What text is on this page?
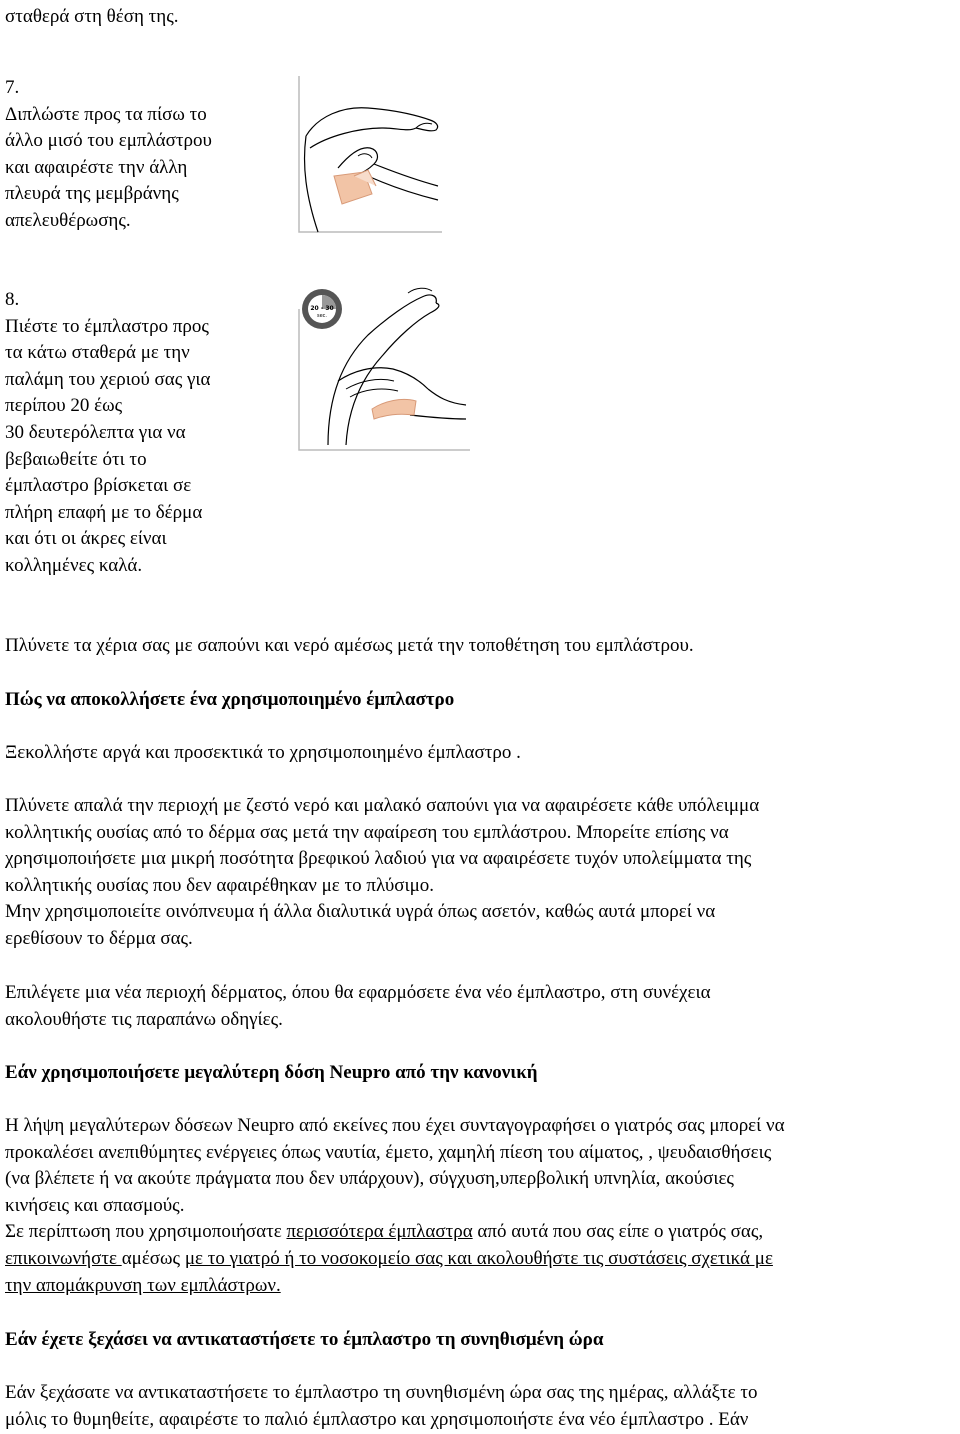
σταθερά στη θέση της.

7.

Διπλώστε προς τα πίσω το

άλλο μισό του εμπλάστρου

και αφαιρέστε την άλλη

πλευρά της μεμβράνης

απελευθέρωσης.

8.

Πιέστε το έμπλαστρο προς

τα κάτω σταθερά με την

παλάμη του χεριού σας για

περίπου 20 έως

30 δευτερόλεπτα για να

βεβαιωθείτε ότι το

έμπλαστρο βρίσκεται σε

πλήρη επαφή με το δέρμα

και ότι οι άκρες είναι

κολλημένες καλά.

20 - 30
sec.

Πλύνετε τα χέρια σας με σαπούνι και νερό αμέσως μετά την τοποθέτηση του εμπλάστρου.

Πώς να αποκολλήσετε ένα χρησιμοποιημένο έμπλαστρο

Ξεκολλήστε αργά και προσεκτικά το χρησιμοποιημένο έμπλαστρο .

Πλύνετε απαλά την περιοχή με ζεστό νερό και μαλακό σαπούνι για να αφαιρέσετε κάθε υπόλειμμα

κολλητικής ουσίας από το δέρμα σας μετά την αφαίρεση του εμπλάστρου. Μπορείτε επίσης να

χρησιμοποιήσετε μια μικρή ποσότητα βρεφικού λαδιού για να αφαιρέσετε τυχόν υπολείμματα της

κολλητικής ουσίας που δεν αφαιρέθηκαν με το πλύσιμο.

Μην χρησιμοποιείτε οινόπνευμα ή άλλα διαλυτικά υγρά όπως ασετόν, καθώς αυτά μπορεί να

ερεθίσουν το δέρμα σας.

Επιλέγετε μια νέα περιοχή δέρματος, όπου θα εφαρμόσετε ένα νέο έμπλαστρο, στη συνέχεια

ακολουθήστε τις παραπάνω οδηγίες.

Εάν χρησιμοποιήσετε μεγαλύτερη δόση Neupro από την κανονική

Η λήψη μεγαλύτερων δόσεων Neupro από εκείνες που έχει συνταγογραφήσει ο γιατρός σας μπορεί να

προκαλέσει ανεπιθύμητες ενέργειες όπως ναυτία, έμετο, χαμηλή πίεση του αίματος, , ψευδαισθήσεις

(να βλέπετε ή να ακούτε πράγματα που δεν υπάρχουν), σύγχυση,υπερβολική υπνηλία, ακούσιες

κινήσεις και σπασμούς.

Σε περίπτωση που χρησιμοποιήσατε περισσότερα έμπλαστρα από αυτά που σας είπε ο γιατρός σας,

επικοινωνήστε αμέσως με το γιατρό ή το νοσοκομείο σας και ακολουθήστε τις συστάσεις σχετικά με

την απομάκρυνση των εμπλάστρων.

Εάν έχετε ξεχάσει να αντικαταστήσετε το έμπλαστρο τη συνηθισμένη ώρα

Εάν ξεχάσατε να αντικαταστήσετε το έμπλαστρο τη συνηθισμένη ώρα σας της ημέρας, αλλάξτε το

μόλις το θυμηθείτε, αφαιρέστε το παλιό έμπλαστρο και χρησιμοποιήστε ένα νέο έμπλαστρο . Εάν
